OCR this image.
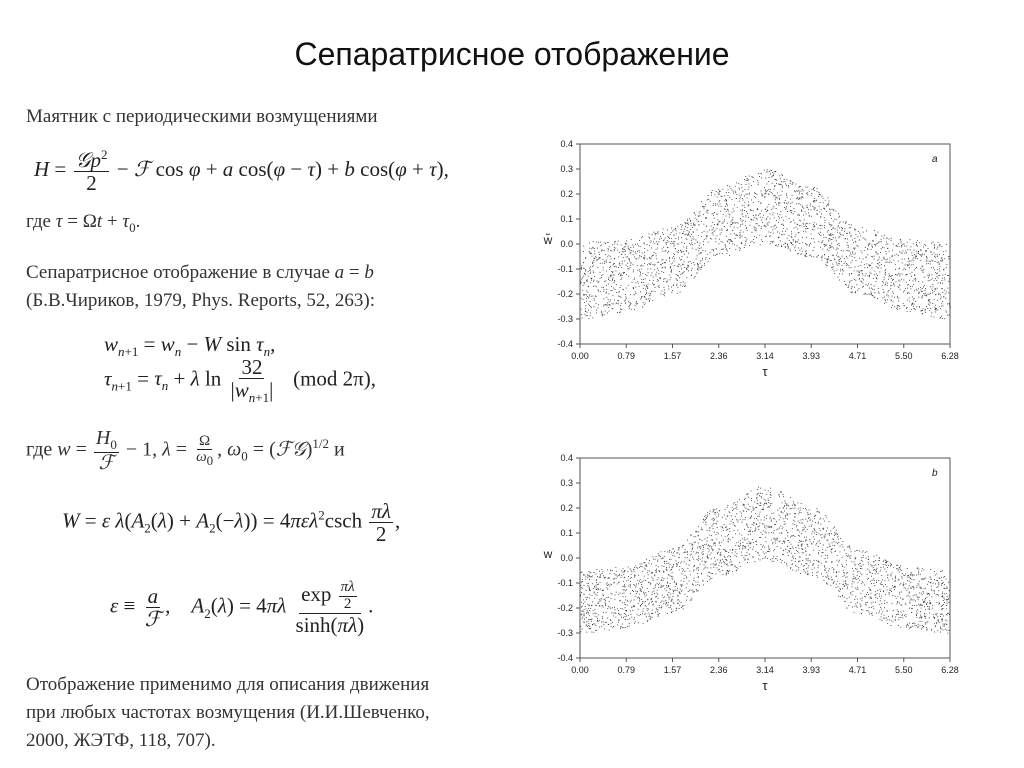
Сепаратрисное отображение
Маятник с периодическими возмущениями
$H = \frac{𝒢p^2}{2}$ − ℱ cos φ + a cos(φ − τ) + b cos(φ + τ),
где $\tau = \Omega t + \tau_0$.
Сепаратрисное отображение в случае a = b
(Б.В.Чириков, 1979, Phys. Reports, 52, 263):
$w_{n+1} = w_n - W$ $\sin \tau_n$,
$\tau_{n+1} = \tau_n + \lambda$ $\ln \frac{32}{|w_{n+1}|} (mod$ 2π),
где $w = \frac{H_0}{\text{ℱ}} - 1$, $\lambda = \frac{\Omega}{\omega_0}$ , $\omega_0$ = (ℱ𝒢)$^{1/2}$ и
W = ε $\lambda(A_2(\lambda) + A_2(-\lambda)) = 4\pi\varepsilon\lambda^2\csc h \frac{\pi\lambda}{2}$ ,
$\varepsilon \equiv \frac{a}{\text{ℱ}}$ ,    $A_2(\lambda) = 4\pi\lambda \frac{\exp \frac{\pi\lambda}{2}}{\sinh(\pi\lambda)}$ .
Отображение применимо для описания движения
при любых частотах возмущения (И.И.Шевченко,
2000, ЖЭТФ, 118, 707).
0.00	0.79	1.57	2.36	3.14	3.93	4.71	5.50	6.28
0.4
0.3
0.2
0.1
0.0
-0.1
-0.2
-0.3
-0.4
a
w̃
τ
0.00	0.79	1.57	2.36	3.14	3.93	4.71	5.50	6.28
0.4
0.3
0.2
0.1
0.0
-0.1
-0.2
-0.3
-0.4
b
w
τ
